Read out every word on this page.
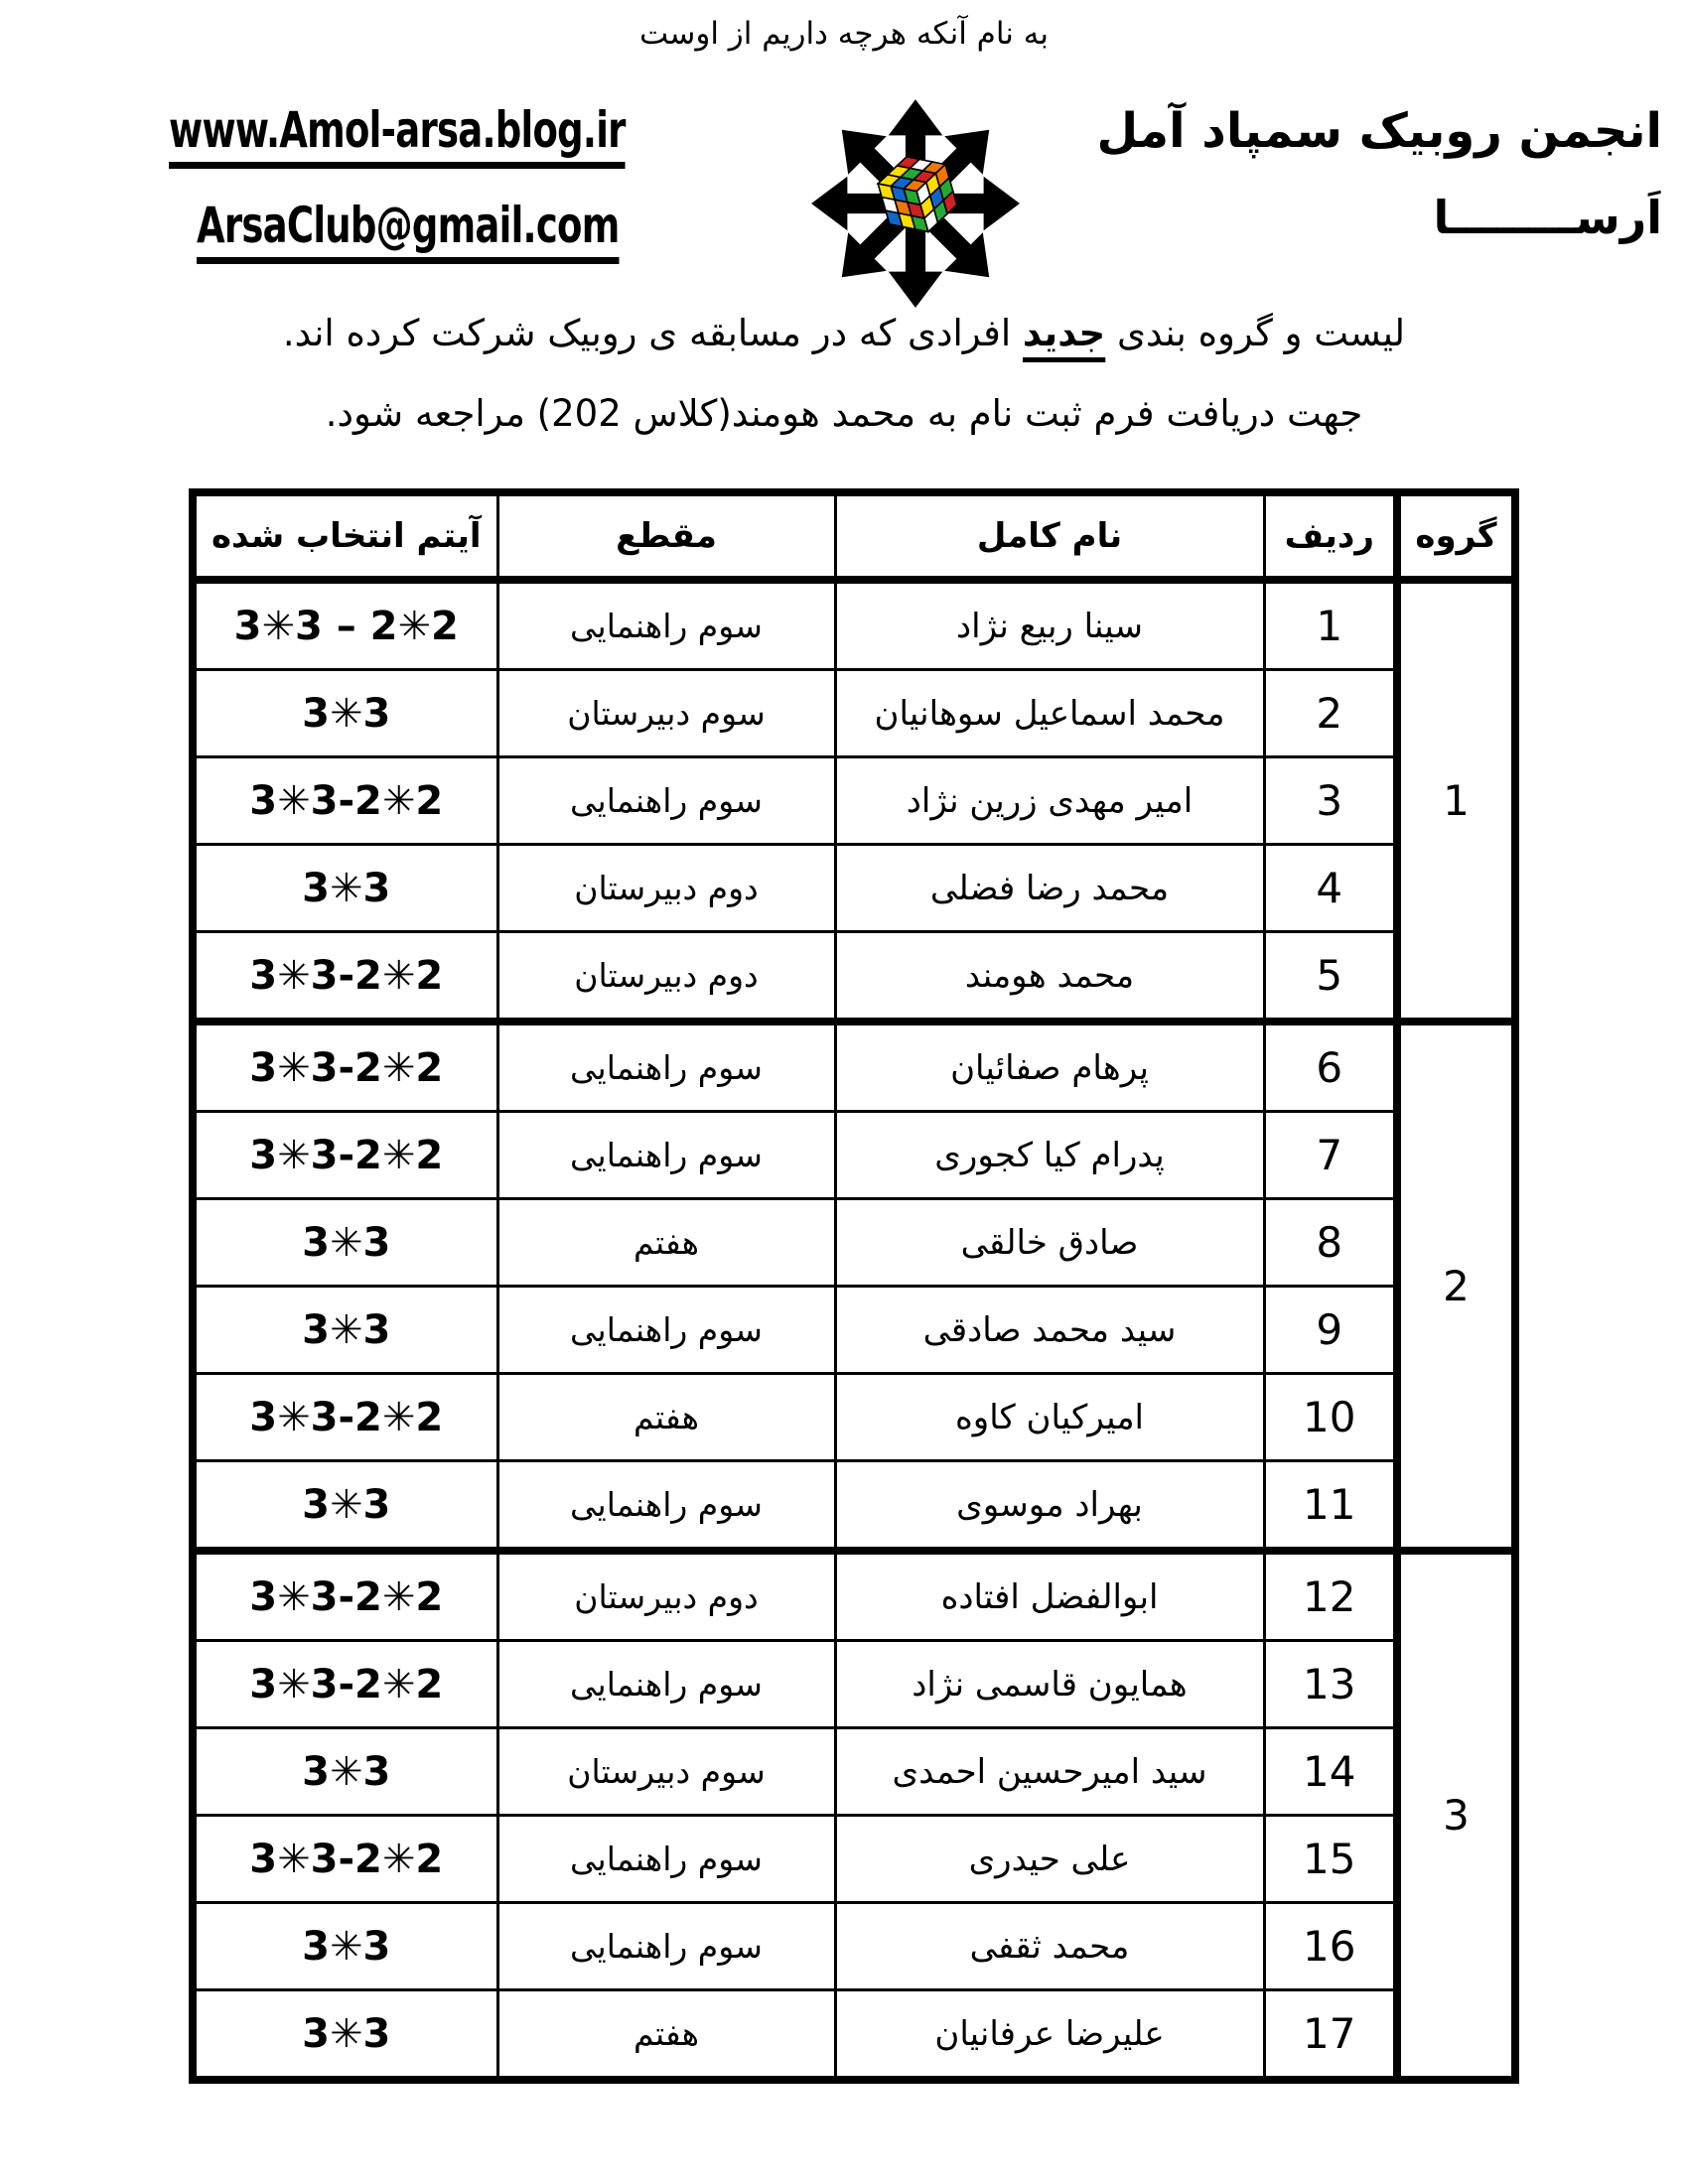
به نام آنکه هرچه داریم از اوست
www.Amol-arsa.blog.ir
ArsaClub@gmail.com
انجمن روبیک سمپاد آمل
اَرســــــــا
لیست و گروه بندی جدید افرادی که در مسابقه ی روبیک شرکت کرده اند.
جهت دریافت فرم ثبت نام به محمد هومند(کلاس 202) مراجعه شود.
گروه	ردیف	نام کامل	مقطع	آیتم انتخاب شده
1	1	سینا ربیع نژاد	سوم راهنمایی	3✳3 – 2✳2
	2	محمد اسماعیل سوهانیان	سوم دبیرستان	3✳3
	3	امیر مهدی زرین نژاد	سوم راهنمایی	3✳3-2✳2
	4	محمد رضا فضلی	دوم دبیرستان	3✳3
	5	محمد هومند	دوم دبیرستان	3✳3-2✳2
2	6	پرهام صفائیان	سوم راهنمایی	3✳3-2✳2
	7	پدرام کیا کجوری	سوم راهنمایی	3✳3-2✳2
	8	صادق خالقی	هفتم	3✳3
	9	سید محمد صادقی	سوم راهنمایی	3✳3
	10	امیرکیان کاوه	هفتم	3✳3-2✳2
	11	بهراد موسوی	سوم راهنمایی	3✳3
3	12	ابوالفضل افتاده	دوم دبیرستان	3✳3-2✳2
	13	همایون قاسمی نژاد	سوم راهنمایی	3✳3-2✳2
	14	سید امیرحسین احمدی	سوم دبیرستان	3✳3
	15	علی حیدری	سوم راهنمایی	3✳3-2✳2
	16	محمد ثقفی	سوم راهنمایی	3✳3
	17	علیرضا عرفانیان	هفتم	3✳3
